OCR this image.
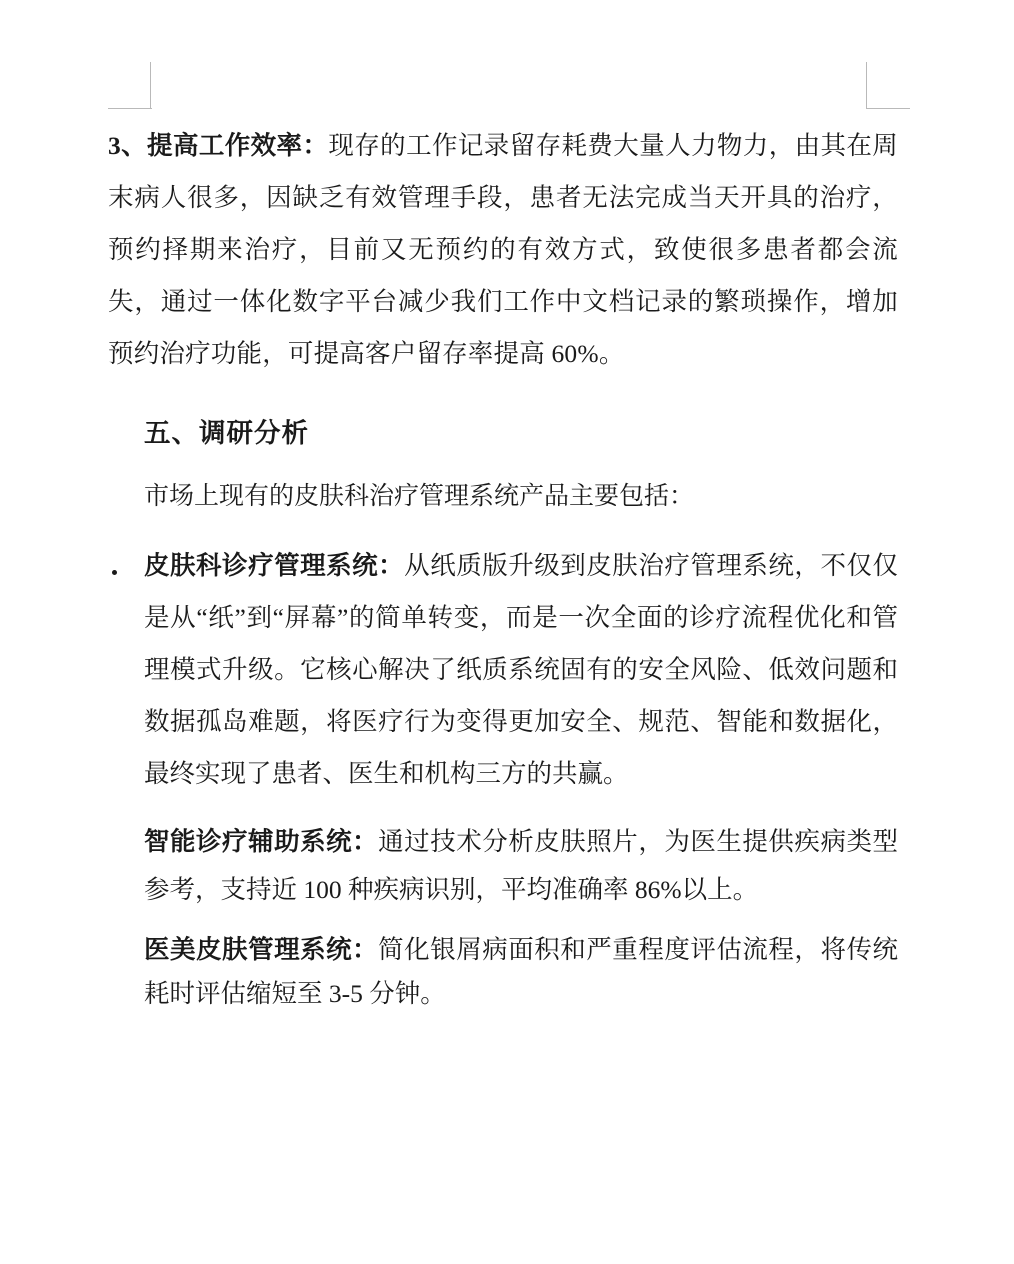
3、提高工作效率：现存的工作记录留存耗费大量人力物力，由其在周末病人很多，因缺乏有效管理手段，患者无法完成当天开具的治疗，预约择期来治疗，目前又无预约的有效方式，致使很多患者都会流失，通过一体化数字平台减少我们工作中文档记录的繁琐操作，增加预约治疗功能，可提高客户留存率提高 60%。

五、调研分析

市场上现有的皮肤科治疗管理系统产品主要包括：

皮肤科诊疗管理系统：从纸质版升级到皮肤治疗管理系统，不仅仅是从“纸”到“屏幕”的简单转变，而是一次全面的诊疗流程优化和管理模式升级。它核心解决了纸质系统固有的安全风险、低效问题和数据孤岛难题，将医疗行为变得更加安全、规范、智能和数据化，最终实现了患者、医生和机构三方的共赢。

智能诊疗辅助系统：通过技术分析皮肤照片，为医生提供疾病类型参考，支持近 100 种疾病识别，平均准确率 86%以上。

医美皮肤管理系统：简化银屑病面积和严重程度评估流程，将传统耗时评估缩短至 3-5 分钟。
